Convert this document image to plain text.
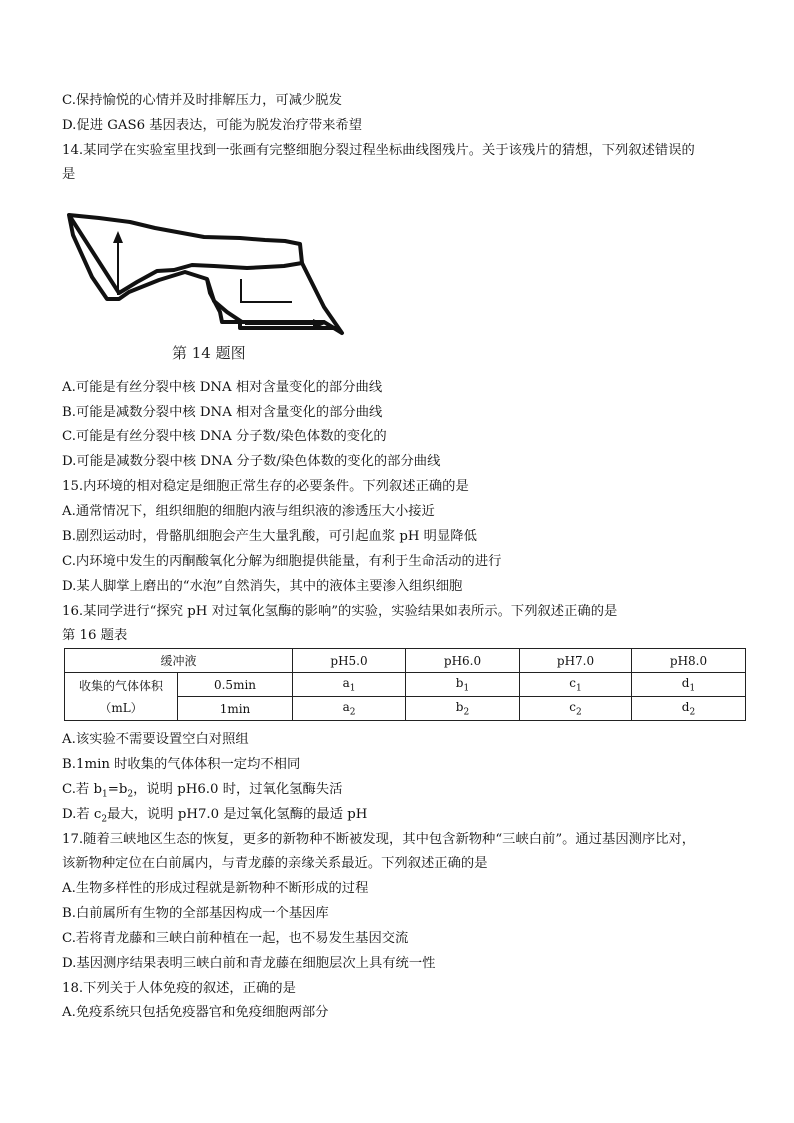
C.保持愉悦的心情并及时排解压力，可减少脱发
D.促进 GAS6 基因表达，可能为脱发治疗带来希望
14.某同学在实验室里找到一张画有完整细胞分裂过程坐标曲线图残片。关于该残片的猜想，下列叙述错误的
是
第 14 题图
A.可能是有丝分裂中核 DNA 相对含量变化的部分曲线
B.可能是减数分裂中核 DNA 相对含量变化的部分曲线
C.可能是有丝分裂中核 DNA 分子数/染色体数的变化的
D.可能是减数分裂中核 DNA 分子数/染色体数的变化的部分曲线
15.内环境的相对稳定是细胞正常生存的必要条件。下列叙述正确的是
A.通常情况下，组织细胞的细胞内液与组织液的渗透压大小接近
B.剧烈运动时，骨骼肌细胞会产生大量乳酸，可引起血浆 pH 明显降低
C.内环境中发生的丙酮酸氧化分解为细胞提供能量，有利于生命活动的进行
D.某人脚掌上磨出的“水泡”自然消失，其中的液体主要渗入组织细胞
16.某同学进行“探究 pH 对过氧化氢酶的影响”的实验，实验结果如表所示。下列叙述正确的是
第 16 题表
缓冲液		pH5.0	pH6.0	pH7.0	pH8.0
收集的气体体积
（mL）	0.5min	$a_1$	$b_1$	$c_1$	$d_1$
	1min	$a_2$	$b_2$	$c_2$	$d_2$
A.该实验不需要设置空白对照组
B.1min 时收集的气体体积一定均不相同
C.若 $b_1=b_2$，说明 pH6.0 时，过氧化氢酶失活
D.若 $c_2$最大，说明 pH7.0 是过氧化氢酶的最适 pH
17.随着三峡地区生态的恢复，更多的新物种不断被发现，其中包含新物种“三峡白前”。通过基因测序比对，
该新物种定位在白前属内，与青龙藤的亲缘关系最近。下列叙述正确的是
A.生物多样性的形成过程就是新物种不断形成的过程
B.白前属所有生物的全部基因构成一个基因库
C.若将青龙藤和三峡白前种植在一起，也不易发生基因交流
D.基因测序结果表明三峡白前和青龙藤在细胞层次上具有统一性
18.下列关于人体免疫的叙述，正确的是
A.免疫系统只包括免疫器官和免疫细胞两部分
